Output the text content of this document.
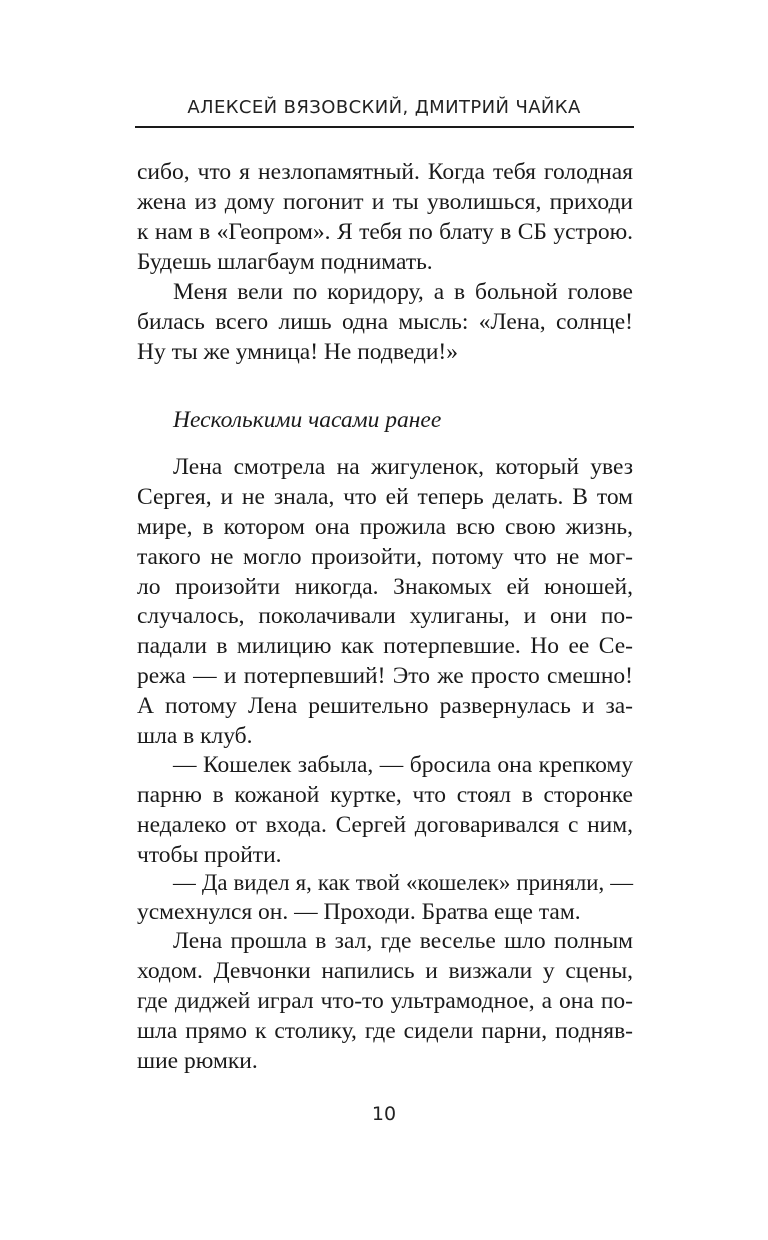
АЛЕКСЕЙ ВЯЗОВСКИЙ, ДМИТРИЙ ЧАЙКА
сибо, что я незлопамятный. Когда тебя голодная
жена из дому погонит и ты уволишься, приходи
к нам в «Геопром». Я тебя по блату в СБ устрою.
Будешь шлагбаум поднимать.
Меня вели по коридору, а в больной голове
билась всего лишь одна мысль: «Лена, солнце!
Ну ты же умница! Не подведи!»
Несколькими часами ранее
Лена смотрела на жигуленок, который увез
Сергея, и не знала, что ей теперь делать. В том
мире, в котором она прожила всю свою жизнь,
такого не могло произойти, потому что не мог-
ло произойти никогда. Знакомых ей юношей,
случалось, поколачивали хулиганы, и они по-
падали в милицию как потерпевшие. Но ее Се-
режа — и потерпевший! Это же просто смешно!
А потому Лена решительно развернулась и за-
шла в клуб.
— Кошелек забыла, — бросила она крепкому
парню в кожаной куртке, что стоял в сторонке
недалеко от входа. Сергей договаривался с ним,
чтобы пройти.
— Да видел я, как твой «кошелек» приняли, —
усмехнулся он. — Проходи. Братва еще там.
Лена прошла в зал, где веселье шло полным
ходом. Девчонки напились и визжали у сцены,
где диджей играл что-то ультрамодное, а она по-
шла прямо к столику, где сидели парни, подняв-
шие рюмки.
10
